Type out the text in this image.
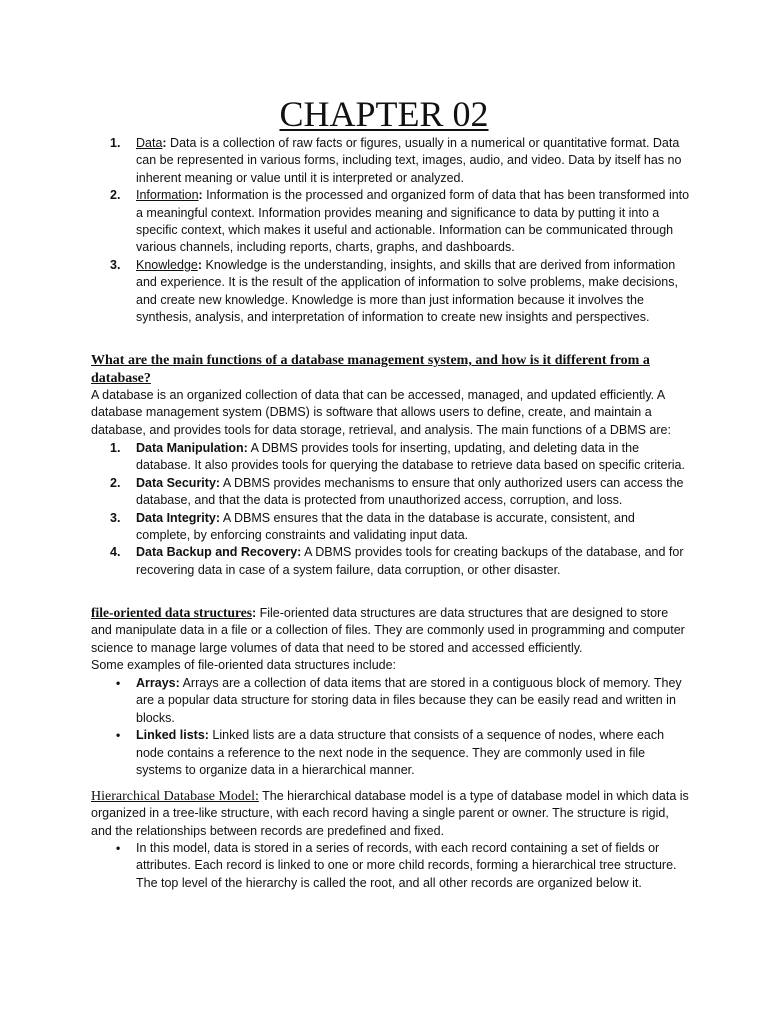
CHAPTER 02
1. Data: Data is a collection of raw facts or figures, usually in a numerical or quantitative format. Data can be represented in various forms, including text, images, audio, and video. Data by itself has no inherent meaning or value until it is interpreted or analyzed.
2. Information: Information is the processed and organized form of data that has been transformed into a meaningful context. Information provides meaning and significance to data by putting it into a specific context, which makes it useful and actionable. Information can be communicated through various channels, including reports, charts, graphs, and dashboards.
3. Knowledge: Knowledge is the understanding, insights, and skills that are derived from information and experience. It is the result of the application of information to solve problems, make decisions, and create new knowledge. Knowledge is more than just information because it involves the synthesis, analysis, and interpretation of information to create new insights and perspectives.
What are the main functions of a database management system, and how is it different from a database?

A database is an organized collection of data that can be accessed, managed, and updated efficiently. A database management system (DBMS) is software that allows users to define, create, and maintain a database, and provides tools for data storage, retrieval, and analysis. The main functions of a DBMS are:

1. Data Manipulation: A DBMS provides tools for inserting, updating, and deleting data in the database. It also provides tools for querying the database to retrieve data based on specific criteria.
2. Data Security: A DBMS provides mechanisms to ensure that only authorized users can access the database, and that the data is protected from unauthorized access, corruption, and loss.
3. Data Integrity: A DBMS ensures that the data in the database is accurate, consistent, and complete, by enforcing constraints and validating input data.
4. Data Backup and Recovery: A DBMS provides tools for creating backups of the database, and for recovering data in case of a system failure, data corruption, or other disaster.

file-oriented data structures: File-oriented data structures are data structures that are designed to store and manipulate data in a file or a collection of files. They are commonly used in programming and computer science to manage large volumes of data that need to be stored and accessed efficiently.

Some examples of file-oriented data structures include:

• Arrays: Arrays are a collection of data items that are stored in a contiguous block of memory. They are a popular data structure for storing data in files because they can be easily read and written in blocks.
• Linked lists: Linked lists are a data structure that consists of a sequence of nodes, where each node contains a reference to the next node in the sequence. They are commonly used in file systems to organize data in a hierarchical manner.

Hierarchical Database Model: The hierarchical database model is a type of database model in which data is organized in a tree-like structure, with each record having a single parent or owner. The structure is rigid, and the relationships between records are predefined and fixed.

• In this model, data is stored in a series of records, with each record containing a set of fields or attributes. Each record is linked to one or more child records, forming a hierarchical tree structure. The top level of the hierarchy is called the root, and all other records are organized below it.
